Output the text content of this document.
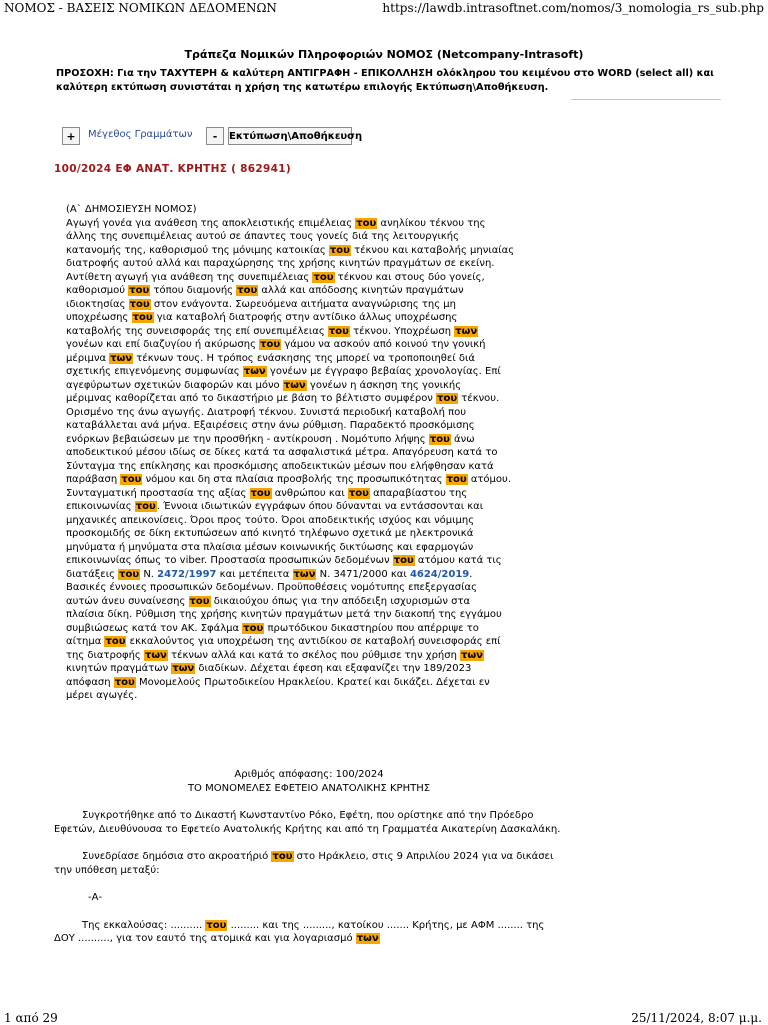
ΝΟΜΟΣ - ΒΑΣΕΙΣ ΝΟΜΙΚΩΝ ΔΕΔΟΜΕΝΩΝ	https://lawdb.intrasoftnet.com/nomos/3_nomologia_rs_sub.php
Τράπεζα Νομικών Πληροφοριών ΝΟΜΟΣ (Netcompany-Intrasoft)
ΠΡΟΣΟΧΗ: Για την ΤΑΧΥΤΕΡΗ & καλύτερη ΑΝΤΙΓΡΑΦΗ - ΕΠΙΚΟΛΛΗΣΗ ολόκληρου του κειμένου στο WORD (select all) και καλύτερη εκτύπωση συνιστάται η χρήση της κατωτέρω επιλογής Εκτύπωση\Αποθήκευση.
+	Μέγεθος Γραμμάτων	-	Εκτύπωση\Αποθήκευση
100/2024 ΕΦ ΑΝΑΤ. ΚΡΗΤΗΣ ( 862941)
(Α` ΔΗΜΟΣΙΕΥΣΗ ΝΟΜΟΣ)
Αγωγή γονέα για ανάθεση της αποκλειστικής επιμέλειας του ανηλίκου τέκνου της
άλλης της συνεπιμέλειας αυτού σε άπαντες τους γονείς διά της λειτουργικής
κατανομής της, καθορισμού της μόνιμης κατοικίας του τέκνου και καταβολής μηνιαίας
διατροφής αυτού αλλά και παραχώρησης της χρήσης κινητών πραγμάτων σε εκείνη.
Αντίθετη αγωγή για ανάθεση της συνεπιμέλειας του τέκνου και στους δύο γονείς,
καθορισμού του τόπου διαμονής του αλλά και απόδοσης κινητών πραγμάτων
ιδιοκτησίας του στον ενάγοντα. Σωρευόμενα αιτήματα αναγνώρισης της μη
υποχρέωσης του για καταβολή διατροφής στην αντίδικο άλλως υποχρέωσης
καταβολής της συνεισφοράς της επί συνεπιμέλειας του τέκνου. Υποχρέωση των
γονέων και επί διαζυγίου ή ακύρωσης του γάμου να ασκούν από κοινού την γονική
μέριμνα των τέκνων τους. Η τρόπος ενάσκησης της μπορεί να τροποποιηθεί διά
σχετικής επιγενόμενης συμφωνίας των γονέων με έγγραφο βεβαίας χρονολογίας. Επί
αγεφύρωτων σχετικών διαφορών και μόνο των γονέων η άσκηση της γονικής
μέριμνας καθορίζεται από το δικαστήριο με βάση το βέλτιστο συμφέρον του τέκνου.
Ορισμένο της άνω αγωγής. Διατροφή τέκνου. Συνιστά περιοδική καταβολή που
καταβάλλεται ανά μήνα. Εξαιρέσεις στην άνω ρύθμιση. Παραδεκτό προσκόμισης
ενόρκων βεβαιώσεων με την προσθήκη - αντίκρουση . Νομότυπο λήψης του άνω
αποδεικτικού μέσου ιδίως σε δίκες κατά τα ασφαλιστικά μέτρα. Απαγόρευση κατά το
Σύνταγμα της επίκλησης και προσκόμισης αποδεικτικών μέσων που ελήφθησαν κατά
παράβαση του νόμου και δη στα πλαίσια προσβολής της προσωπικότητας του ατόμου.
Συνταγματική προστασία της αξίας του ανθρώπου και του απαραβίαστου της
επικοινωνίας του. Έννοια ιδιωτικών εγγράφων όπου δύνανται να εντάσσονται και
μηχανικές απεικονίσεις. Όροι προς τούτο. Όροι αποδεικτικής ισχύος και νόμιμης
προσκομιδής σε δίκη εκτυπώσεων από κινητό τηλέφωνο σχετικά με ηλεκτρονικά
μηνύματα ή μηνύματα στα πλαίσια μέσων κοινωνικής δικτύωσης και εφαρμογών
επικοινωνίας όπως το viber. Προστασία προσωπικών δεδομένων του ατόμου κατά τις
διατάξεις του Ν. 2472/1997 και μετέπειτα των Ν. 3471/2000 και 4624/2019.
Βασικές έννοιες προσωπικών δεδομένων. Προϋποθέσεις νομότυπης επεξεργασίας
αυτών άνευ συναίνεσης του δικαιούχου όπως για την απόδειξη ισχυρισμών στα
πλαίσια δίκη. Ρύθμιση της χρήσης κινητών πραγμάτων μετά την διακοπή της εγγάμου
συμβιώσεως κατά τον ΑΚ. Σφάλμα του πρωτόδικου δικαστηρίου που απέρριψε το
αίτημα του εκκαλούντος για υποχρέωση της αντιδίκου σε καταβολή συνεισφοράς επί
της διατροφής των τέκνων αλλά και κατά το σκέλος που ρύθμισε την χρήση των
κινητών πραγμάτων των διαδίκων. Δέχεται έφεση και εξαφανίζει την 189/2023
απόφαση του Μονομελούς Πρωτοδικείου Ηρακλείου. Κρατεί και δικάζει. Δέχεται εν
μέρει αγωγές.
Αριθμός απόφασης: 100/2024
ΤΟ ΜΟΝΟΜΕΛΕΣ ΕΦΕΤΕΙΟ ΑΝΑΤΟΛΙΚΗΣ ΚΡΗΤΗΣ

Συγκροτήθηκε από το Δικαστή Κωνσταντίνο Ρόκο, Εφέτη, που ορίστηκε από την Πρόεδρο Εφετών, Διευθύνουσα το Εφετείο Ανατολικής Κρήτης και από τη Γραμματέα Αικατερίνη Δασκαλάκη.

Συνεδρίασε δημόσια στο ακροατήριό του στο Ηράκλειο, στις 9 Απριλίου 2024 για να δικάσει την υπόθεση μεταξύ:

-Α-

Της εκκαλούσας: .......... του ......... και της ........., κατοίκου ....... Κρήτης, με ΑΦΜ ........ της ΔΟΥ .........., για τον εαυτό της ατομικά και για λογαριασμό των

1 από 29	25/11/2024, 8:07 μ.μ.
